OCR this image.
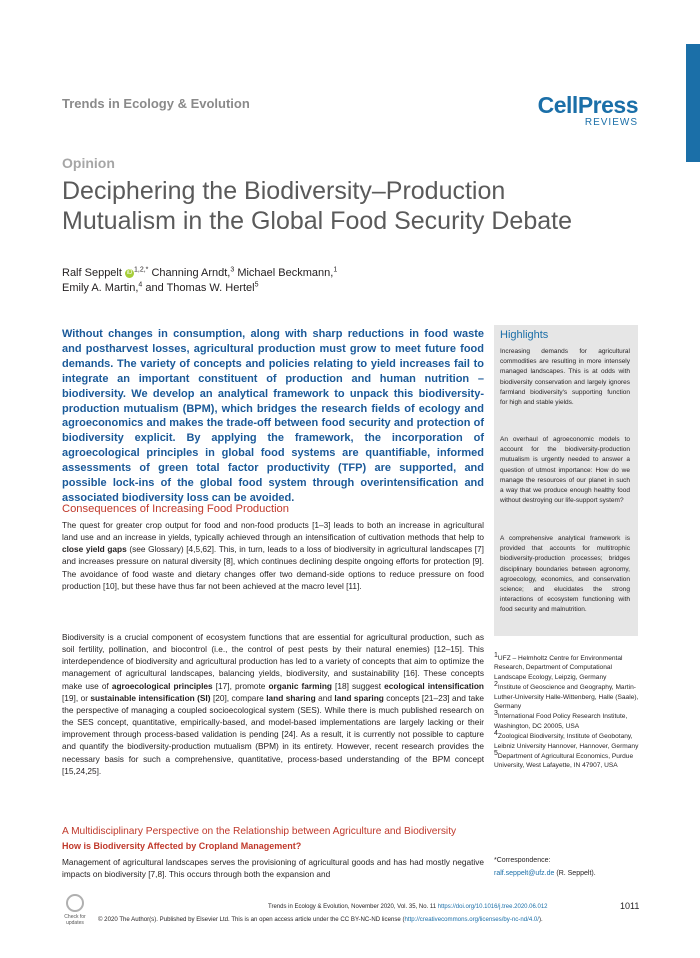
Trends in Ecology & Evolution	CellPress
REVIEWS
Opinion
Deciphering the Biodiversity–Production
Mutualism in the Global Food Security Debate

Ralf Seppelt iD $^{1,2,*}$ Channing Arndt,$^3$ Michael Beckmann,$^1$

Emily A. Martin,$^4$ and Thomas W. Hertel$^5$

Without changes in consumption, along with sharp reductions in food waste and postharvest losses, agricultural production must grow to meet future food demands. The variety of concepts and policies relating to yield increases fail to integrate an important constituent of production and human nutrition – biodiversity. We develop an analytical framework to unpack this biodiversity-production mutualism (BPM), which bridges the research fields of ecology and agroeconomics and makes the trade-off between food security and protection of biodiversity explicit. By applying the framework, the incorporation of agroecological principles in global food systems are quantifiable, informed assessments of green total factor productivity (TFP) are supported, and possible lock-ins of the global food system through overintensification and associated biodiversity loss can be avoided.

Consequences of Increasing Food Production

The quest for greater crop output for food and non-food products [1–3] leads to both an increase in agricultural land use and an increase in yields, typically achieved through an intensification of cultivation methods that help to close yield gaps (see Glossary) [4,5,62]. This, in turn, leads to a loss of biodiversity in agricultural landscapes [7] and increases pressure on natural diversity [8], which continues declining despite ongoing efforts for protection [9]. The avoidance of food waste and dietary changes offer two demand-side options to reduce pressure on food production [10], but these have thus far not been achieved at the macro level [11].

Biodiversity is a crucial component of ecosystem functions that are essential for agricultural production, such as soil fertility, pollination, and biocontrol (i.e., the control of pest pests by their natural enemies) [12–15]. This interdependence of biodiversity and agricultural production has led to a variety of concepts that aim to optimize the management of agricultural landscapes, balancing yields, biodiversity, and sustainability [16]. These concepts make use of agroecological principles [17], promote organic farming [18] suggest ecological intensification [19], or sustainable intensification (SI) [20], compare land sharing and land sparing concepts [21–23] and take the perspective of managing a coupled socioecological system (SES). While there is much published research on the SES concept, quantitative, empirically-based, and model-based implementations are largely lacking or their improvement through process-based validation is pending [24]. As a result, it is currently not possible to capture and quantify the biodiversity-production mutualism (BPM) in its entirety. However, recent research provides the necessary basis for such a comprehensive, quantitative, process-based understanding of the BPM concept [15,24,25].

A Multidisciplinary Perspective on the Relationship between Agriculture and Biodiversity
How is Biodiversity Affected by Cropland Management?

Management of agricultural landscapes serves the provisioning of agricultural goods and has had mostly negative impacts on biodiversity [7,8]. This occurs through both the expansion and

Highlights

Increasing demands for agricultural commodities are resulting in more intensely managed landscapes. This is at odds with biodiversity conservation and largely ignores farmland biodiversity's supporting function for high and stable yields.

An overhaul of agroeconomic models to account for the biodiversity-production mutualism is urgently needed to answer a question of utmost importance: How do we manage the resources of our planet in such a way that we produce enough healthy food without destroying our life-support system?

A comprehensive analytical framework is provided that accounts for multitrophic biodiversity-production processes; bridges disciplinary boundaries between agronomy, agroecology, economics, and conservation science; and elucidates the strong interactions of ecosystem functioning with food security and malnutrition.

$^1$UFZ – Helmholtz Centre for Environmental Research, Department of Computational Landscape Ecology, Leipzig, Germany

$^2$Institute of Geoscience and Geography, Martin-Luther-University Halle-Wittenberg, Halle (Saale), Germany

$^3$International Food Policy Research Institute, Washington, DC 20005, USA

$^4$Zoological Biodiversity, Institute of Geobotany, Leibniz University Hannover, Hannover, Germany

$^5$Department of Agricultural Economics, Purdue University, West Lafayette, IN 47907, USA

*Correspondence:
ralf.seppelt@ufz.de (R. Seppelt).
Check for updates
Trends in Ecology & Evolution, November 2020, Vol. 35, No. 11 https://doi.org/10.1016/j.tree.2020.06.012	1011
© 2020 The Author(s). Published by Elsevier Ltd. This is an open access article under the CC BY-NC-ND license (http://creativecommons.org/licenses/by-nc-nd/4.0/).
